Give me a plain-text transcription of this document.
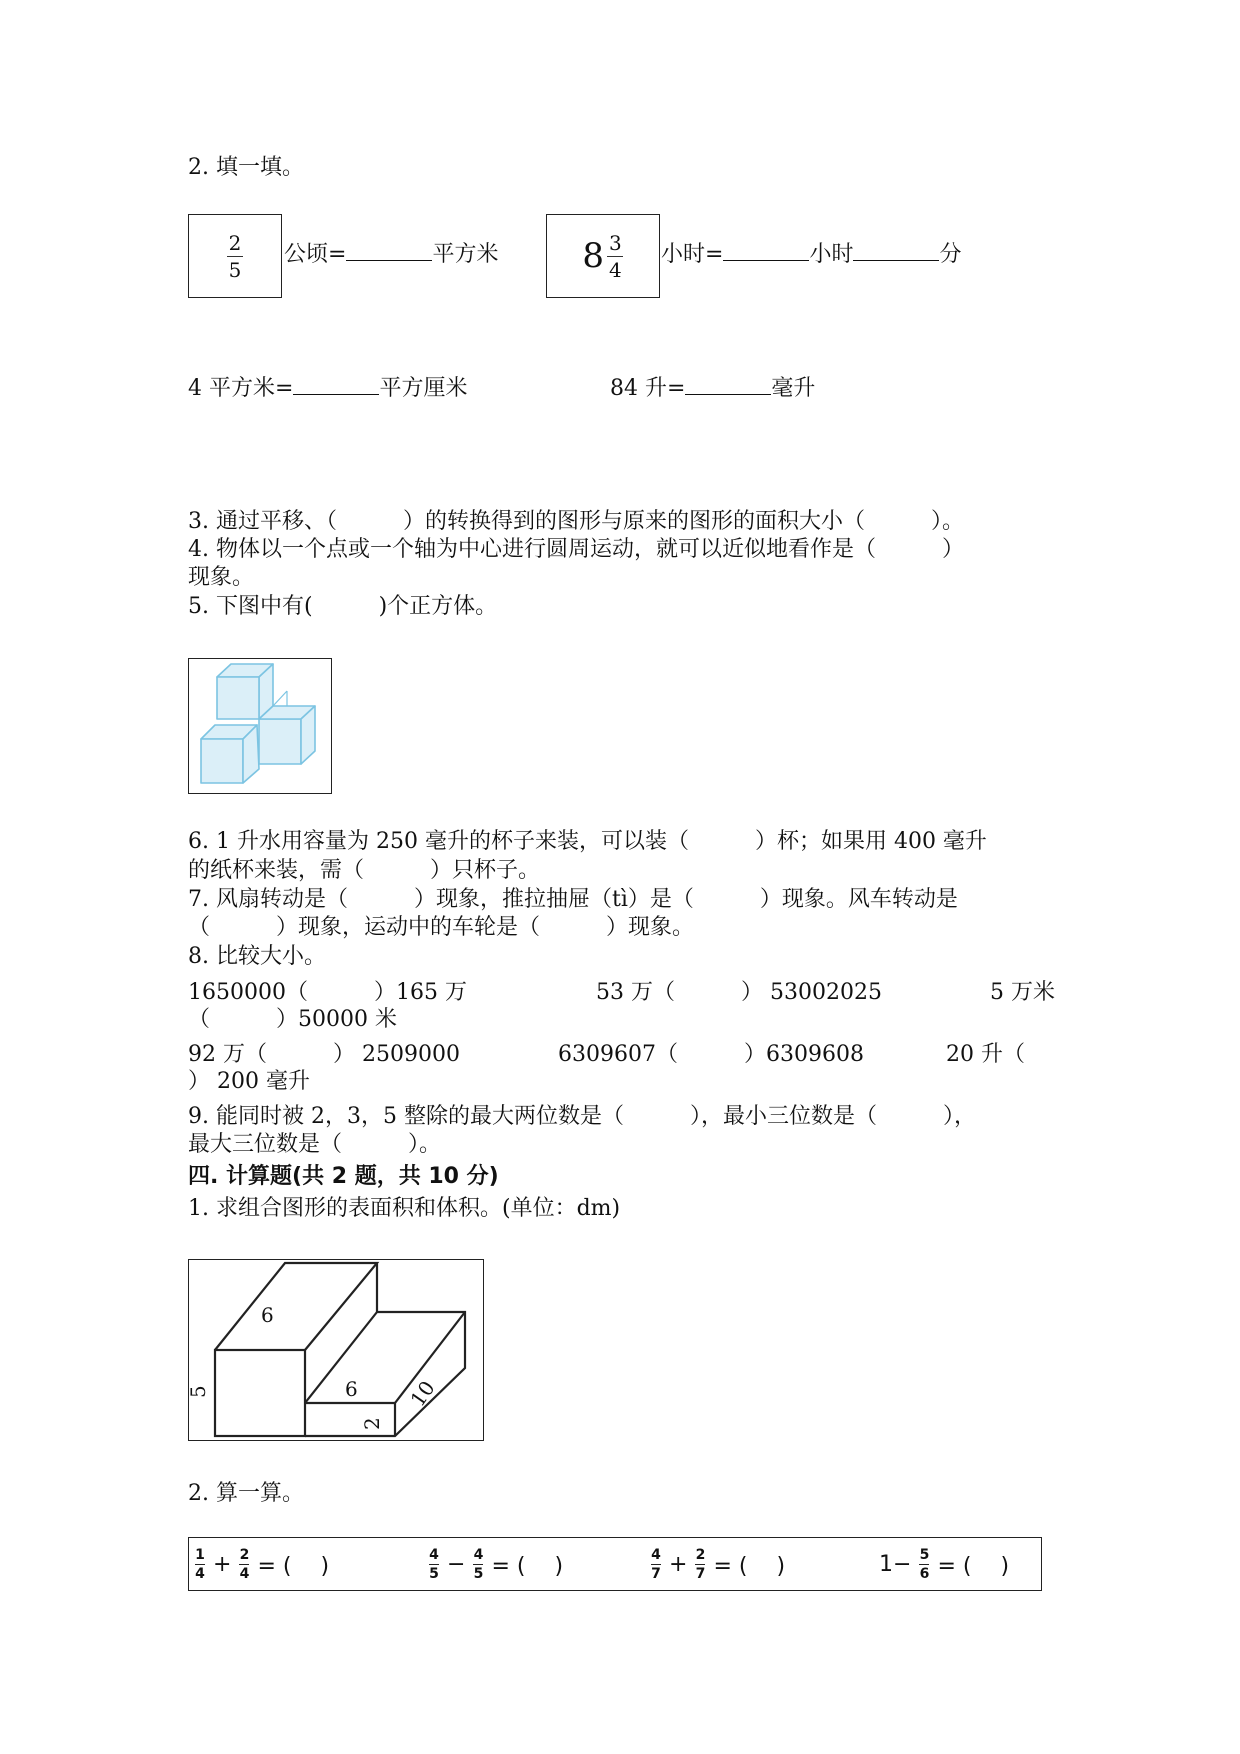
2. 填一填。
2
5
公顷=	平方米 8 3
4
小时=	小时	分
4 平方米=	平方厘米	84 升=	毫升
3. 通过平移、（　　　）的转换得到的图形与原来的图形的面积大小（　　　）。
4. 物体以一个点或一个轴为中心进行圆周运动，就可以近似地看作是（　　　）
现象。
5. 下图中有(　　　)个正方体。
6. 1 升水用容量为 250 毫升的杯子来装，可以装（　　　）杯；如果用 400 毫升
的纸杯来装，需（　　　）只杯子。
7. 风扇转动是（　　　）现象，推拉抽屉（tì）是（　　　）现象。风车转动是
（　　　）现象，运动中的车轮是（　　　）现象。
8. 比较大小。
1650000（　　　）165 万	53 万（　　　） 53002025	5 万米
（　　　）50000 米
92 万（　　　） 2509000	6309607（　　　）6309608	20 升（
） 200 毫升
9. 能同时被 2，3，5 整除的最大两位数是（　　　），最小三位数是（　　　），
最大三位数是（　　　）。
四. 计算题(共 2 题，共 10 分)
1. 求组合图形的表面积和体积。(单位：dm)
6
5	6
2
10
2. 算一算。
1
4 + 2
4 = (　 )	4
5 − 4
5 = (　 )	4
7 + 2
7 = (　 )	1− 5
6 = (　 )
